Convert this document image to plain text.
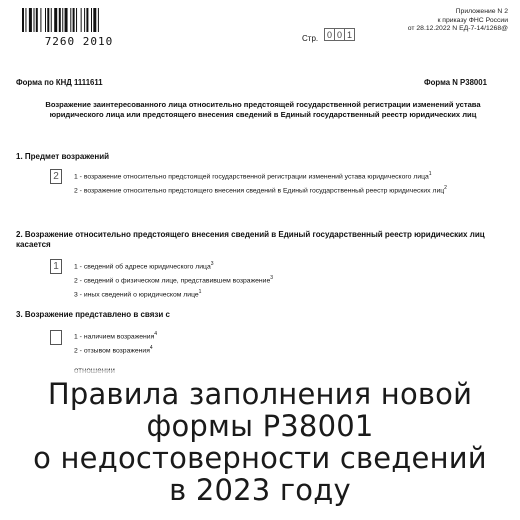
7260 2010	Стр. 0 0 1
Приложение N 2
к приказу ФНС России
от 28.12.2022 N ЕД-7-14/1268@
Форма по КНД 1111611	Форма N Р38001
Возражение заинтересованного лица относительно предстоящей государственной регистрации изменений устава юридического лица или предстоящего внесения сведений в Единый государственный реестр юридических лиц
1. Предмет возражений
2	1 - возражение относительно предстоящей государственной регистрации изменений устава юридического лица$^1$
2 - возражение относительно предстоящего внесения сведений в Единый государственный реестр юридических лиц$^2$
2. Возражение относительно предстоящего внесения сведений в Единый государственный реестр юридических лиц касается
1	1 - сведений об адресе юридического лица$^3$
2 - сведений о физическом лице, представившем возражение$^3$
3 - иных сведений о юридическом лице$^1$
3. Возражение представлено в связи с
1 - наличием возражения$^4$
2 - отзывом возражения$^4$
Правила заполнения новой
формы Р38001
о недостоверности сведений
в 2023 году
